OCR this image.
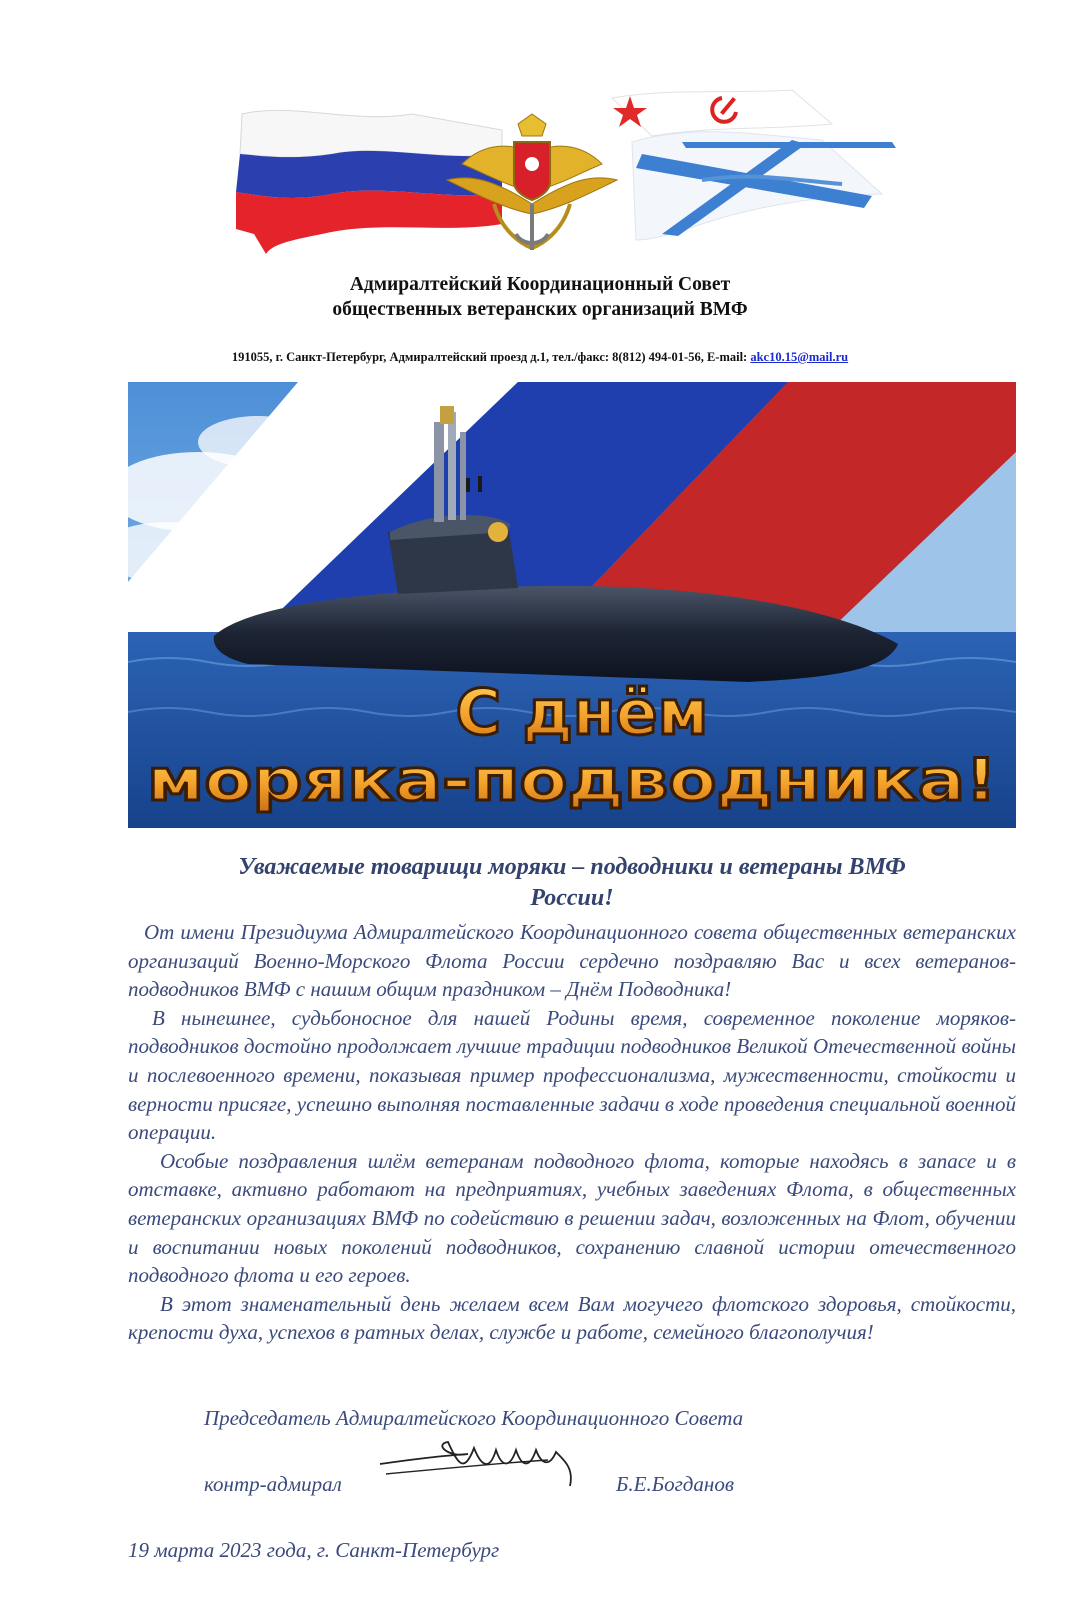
Адмиралтейский Координационный Совет
общественных ветеранских организаций ВМФ
191055, г. Санкт-Петербург, Адмиралтейский проезд д.1, тел./факс: 8(812) 494-01-56, E-mail: akc10.15@mail.ru
С днём
моряка-подводника!
Уважаемые товарищи моряки – подводники и ветераны ВМФ
России!

От имени Президиума Адмиралтейского Координационного совета общественных ветеранских организаций Военно-Морского Флота России сердечно поздравляю Вас и всех ветеранов-подводников ВМФ с нашим общим праздником – Днём Подводника!

В нынешнее, судьбоносное для нашей Родины время, современное поколение моряков-подводников достойно продолжает лучшие традиции подводников Великой Отечественной войны и послевоенного времени, показывая пример профессионализма, мужественности, стойкости и верности присяге, успешно выполняя поставленные задачи в ходе проведения специальной военной операции.

Особые поздравления шлём ветеранам подводного флота, которые находясь в запасе и в отставке, активно работают на предприятиях, учебных заведениях Флота, в общественных ветеранских организациях ВМФ по содействию в решении задач, возложенных на Флот, обучении и воспитании новых поколений подводников, сохранению славной истории отечественного подводного флота и его героев.

В этот знаменательный день желаем всем Вам могучего флотского здоровья, стойкости, крепости духа, успехов в ратных делах, службе и работе, семейного благополучия!

Председатель Адмиралтейского Координационного Совета
контр-адмирал	Б.Е.Богданов
19 марта 2023 года, г. Санкт-Петербург
